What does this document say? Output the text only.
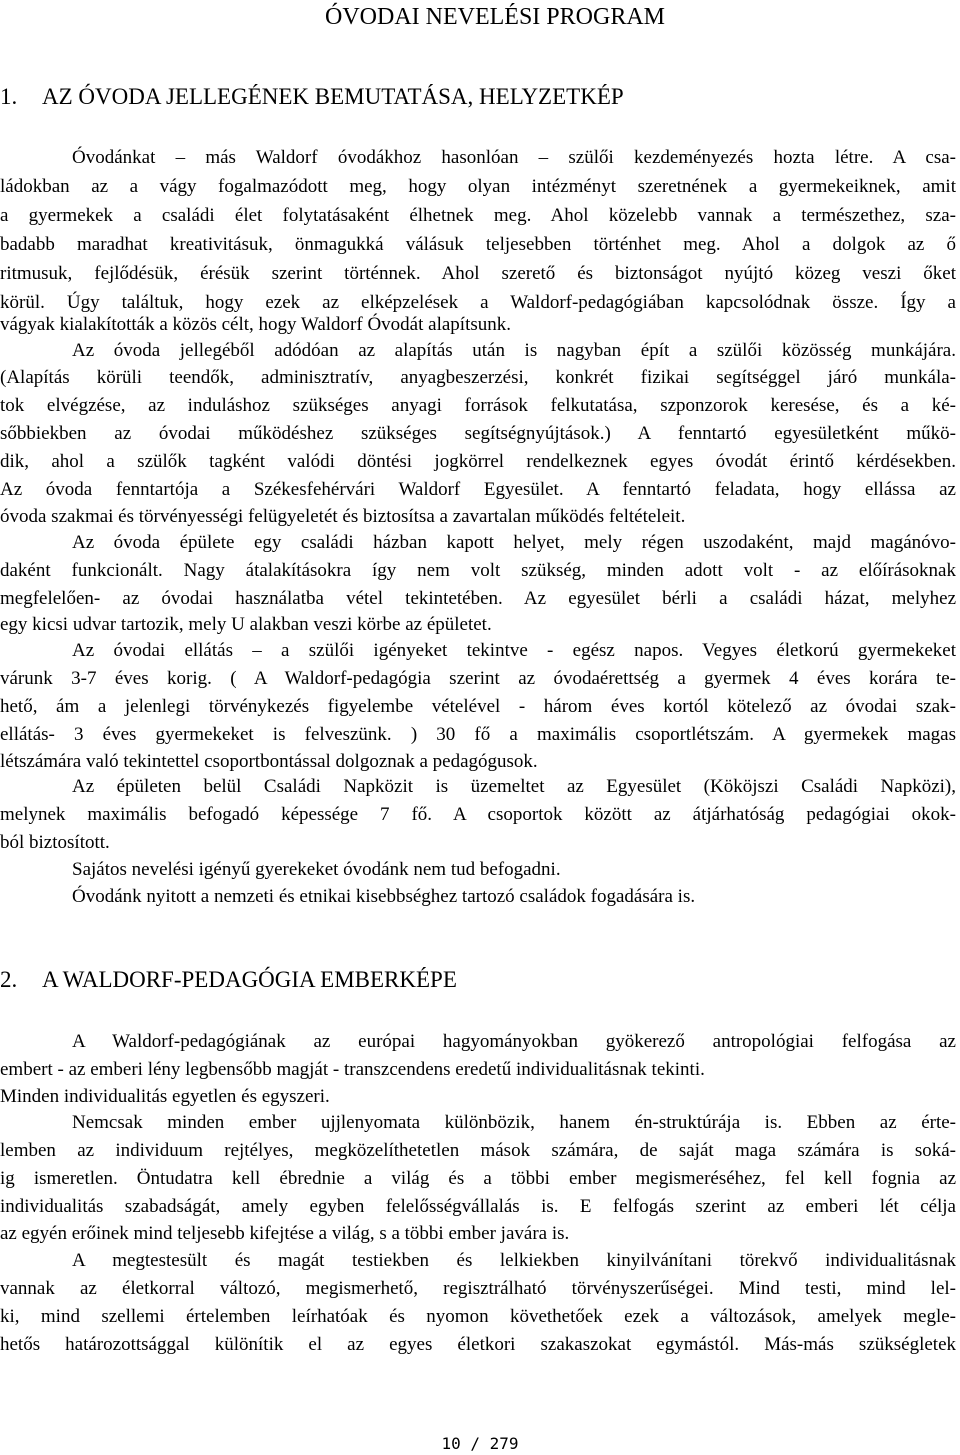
ÓVODAI NEVELÉSI PROGRAM
1. AZ ÓVODA JELLEGÉNEK BEMUTATÁSA, HELYZETKÉP

Óvodánkat – más Waldorf óvodákhoz hasonlóan – szülői kezdeményezés hozta létre. A csa-

ládokban az a vágy fogalmazódott meg, hogy olyan intézményt szeretnének a gyermekeiknek, amit

a gyermekek a családi élet folytatásaként élhetnek meg. Ahol közelebb vannak a természethez, sza-

badabb maradhat kreativitásuk, önmagukká válásuk teljesebben történhet meg. Ahol a dolgok az ő

ritmusuk, fejlődésük, érésük szerint történnek. Ahol szerető és biztonságot nyújtó közeg veszi őket

körül. Úgy találtuk, hogy ezek az elképzelések a Waldorf-pedagógiában kapcsolódnak össze. Így a

vágyak kialakították a közös célt, hogy Waldorf Óvodát alapítsunk.

Az óvoda jellegéből adódóan az alapítás után is nagyban épít a szülői közösség munkájára.

(Alapítás körüli teendők, adminisztratív, anyagbeszerzési, konkrét fizikai segítséggel járó munkála-

tok elvégzése, az induláshoz szükséges anyagi források felkutatása, szponzorok keresése, és a ké-

sőbbiekben az óvodai működéshez szükséges segítségnyújtások.) A fenntartó egyesületként műkö-

dik, ahol a szülők tagként valódi döntési jogkörrel rendelkeznek egyes óvodát érintő kérdésekben.

Az óvoda fenntartója a Székesfehérvári Waldorf Egyesület. A fenntartó feladata, hogy ellássa az

óvoda szakmai és törvényességi felügyeletét és biztosítsa a zavartalan működés feltételeit.

Az óvoda épülete egy családi házban kapott helyet, mely régen uszodaként, majd magánóvo-

daként funkcionált. Nagy átalakításokra így nem volt szükség, minden adott volt - az előírásoknak

megfelelően- az óvodai használatba vétel tekintetében. Az egyesület bérli a családi házat, melyhez

egy kicsi udvar tartozik, mely U alakban veszi körbe az épületet.

Az óvodai ellátás – a szülői igényeket tekintve - egész napos. Vegyes életkorú gyermekeket

várunk 3-7 éves korig. ( A Waldorf-pedagógia szerint az óvodaérettség a gyermek 4 éves korára te-

hető, ám a jelenlegi törvénykezés figyelembe vételével - három éves kortól kötelező az óvodai szak-

ellátás- 3 éves gyermekeket is felveszünk. ) 30 fő a maximális csoportlétszám. A gyermekek magas

létszámára való tekintettel csoportbontással dolgoznak a pedagógusok.

Az épületen belül Családi Napközit is üzemeltet az Egyesület (Kököjszi Családi Napközi),

melynek maximális befogadó képessége 7 fő. A csoportok között az átjárhatóság pedagógiai okok-

ból biztosított.

Sajátos nevelési igényű gyerekeket óvodánk nem tud befogadni.

Óvodánk nyitott a nemzeti és etnikai kisebbséghez tartozó családok fogadására is.

2. A WALDORF-PEDAGÓGIA EMBERKÉPE

A Waldorf-pedagógiának az európai hagyományokban gyökerező antropológiai felfogása az

embert - az emberi lény legbensőbb magját - transzcendens eredetű individualitásnak tekinti.

Minden individualitás egyetlen és egyszeri.

Nemcsak minden ember ujjlenyomata különbözik, hanem én-struktúrája is. Ebben az érte-

lemben az individuum rejtélyes, megközelíthetetlen mások számára, de saját maga számára is soká-

ig ismeretlen. Öntudatra kell ébrednie a világ és a többi ember megismeréséhez, fel kell fognia az

individualitás szabadságát, amely egyben felelősségvállalás is. E felfogás szerint az emberi lét célja

az egyén erőinek mind teljesebb kifejtése a világ, s a többi ember javára is.

A megtestesült és magát testiekben és lelkiekben kinyilvánítani törekvő individualitásnak

vannak az életkorral változó, megismerhető, regisztrálható törvényszerűségei. Mind testi, mind lel-

ki, mind szellemi értelemben leírhatóak és nyomon követhetőek ezek a változások, amelyek megle-

hetős határozottsággal különítik el az egyes életkori szakaszokat egymástól. Más-más szükségletek

10 / 279
